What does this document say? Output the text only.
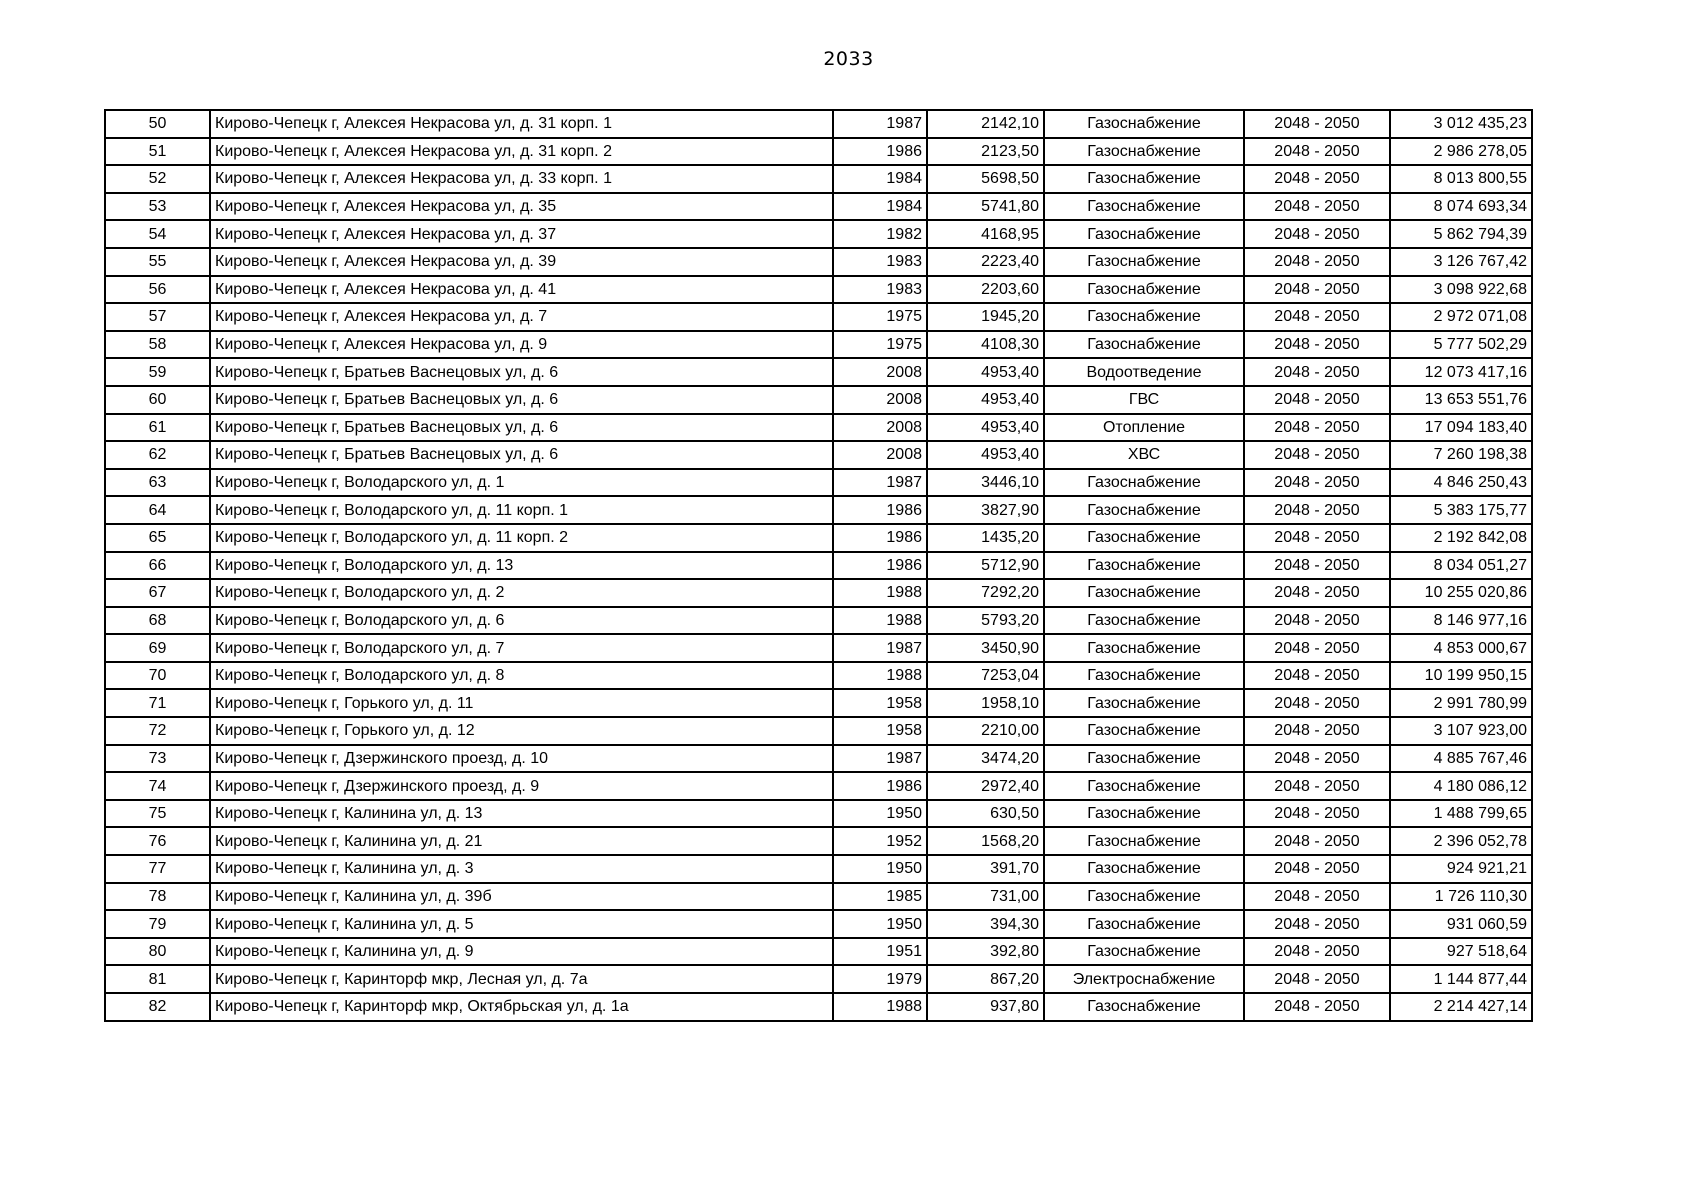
2033
50	Кирово-Чепецк г, Алексея Некрасова ул, д. 31 корп. 1	1987	2142,10	Газоснабжение	2048 - 2050	3 012 435,23
51	Кирово-Чепецк г, Алексея Некрасова ул, д. 31 корп. 2	1986	2123,50	Газоснабжение	2048 - 2050	2 986 278,05
52	Кирово-Чепецк г, Алексея Некрасова ул, д. 33 корп. 1	1984	5698,50	Газоснабжение	2048 - 2050	8 013 800,55
53	Кирово-Чепецк г, Алексея Некрасова ул, д. 35	1984	5741,80	Газоснабжение	2048 - 2050	8 074 693,34
54	Кирово-Чепецк г, Алексея Некрасова ул, д. 37	1982	4168,95	Газоснабжение	2048 - 2050	5 862 794,39
55	Кирово-Чепецк г, Алексея Некрасова ул, д. 39	1983	2223,40	Газоснабжение	2048 - 2050	3 126 767,42
56	Кирово-Чепецк г, Алексея Некрасова ул, д. 41	1983	2203,60	Газоснабжение	2048 - 2050	3 098 922,68
57	Кирово-Чепецк г, Алексея Некрасова ул, д. 7	1975	1945,20	Газоснабжение	2048 - 2050	2 972 071,08
58	Кирово-Чепецк г, Алексея Некрасова ул, д. 9	1975	4108,30	Газоснабжение	2048 - 2050	5 777 502,29
59	Кирово-Чепецк г, Братьев Васнецовых ул, д. 6	2008	4953,40	Водоотведение	2048 - 2050	12 073 417,16
60	Кирово-Чепецк г, Братьев Васнецовых ул, д. 6	2008	4953,40	ГВС	2048 - 2050	13 653 551,76
61	Кирово-Чепецк г, Братьев Васнецовых ул, д. 6	2008	4953,40	Отопление	2048 - 2050	17 094 183,40
62	Кирово-Чепецк г, Братьев Васнецовых ул, д. 6	2008	4953,40	ХВС	2048 - 2050	7 260 198,38
63	Кирово-Чепецк г, Володарского ул, д. 1	1987	3446,10	Газоснабжение	2048 - 2050	4 846 250,43
64	Кирово-Чепецк г, Володарского ул, д. 11 корп. 1	1986	3827,90	Газоснабжение	2048 - 2050	5 383 175,77
65	Кирово-Чепецк г, Володарского ул, д. 11 корп. 2	1986	1435,20	Газоснабжение	2048 - 2050	2 192 842,08
66	Кирово-Чепецк г, Володарского ул, д. 13	1986	5712,90	Газоснабжение	2048 - 2050	8 034 051,27
67	Кирово-Чепецк г, Володарского ул, д. 2	1988	7292,20	Газоснабжение	2048 - 2050	10 255 020,86
68	Кирово-Чепецк г, Володарского ул, д. 6	1988	5793,20	Газоснабжение	2048 - 2050	8 146 977,16
69	Кирово-Чепецк г, Володарского ул, д. 7	1987	3450,90	Газоснабжение	2048 - 2050	4 853 000,67
70	Кирово-Чепецк г, Володарского ул, д. 8	1988	7253,04	Газоснабжение	2048 - 2050	10 199 950,15
71	Кирово-Чепецк г, Горького ул, д. 11	1958	1958,10	Газоснабжение	2048 - 2050	2 991 780,99
72	Кирово-Чепецк г, Горького ул, д. 12	1958	2210,00	Газоснабжение	2048 - 2050	3 107 923,00
73	Кирово-Чепецк г, Дзержинского проезд, д. 10	1987	3474,20	Газоснабжение	2048 - 2050	4 885 767,46
74	Кирово-Чепецк г, Дзержинского проезд, д. 9	1986	2972,40	Газоснабжение	2048 - 2050	4 180 086,12
75	Кирово-Чепецк г, Калинина ул, д. 13	1950	630,50	Газоснабжение	2048 - 2050	1 488 799,65
76	Кирово-Чепецк г, Калинина ул, д. 21	1952	1568,20	Газоснабжение	2048 - 2050	2 396 052,78
77	Кирово-Чепецк г, Калинина ул, д. 3	1950	391,70	Газоснабжение	2048 - 2050	924 921,21
78	Кирово-Чепецк г, Калинина ул, д. 39б	1985	731,00	Газоснабжение	2048 - 2050	1 726 110,30
79	Кирово-Чепецк г, Калинина ул, д. 5	1950	394,30	Газоснабжение	2048 - 2050	931 060,59
80	Кирово-Чепецк г, Калинина ул, д. 9	1951	392,80	Газоснабжение	2048 - 2050	927 518,64
81	Кирово-Чепецк г, Каринторф мкр, Лесная ул, д. 7а	1979	867,20	Электроснабжение	2048 - 2050	1 144 877,44
82	Кирово-Чепецк г, Каринторф мкр, Октябрьская ул, д. 1а	1988	937,80	Газоснабжение	2048 - 2050	2 214 427,14
